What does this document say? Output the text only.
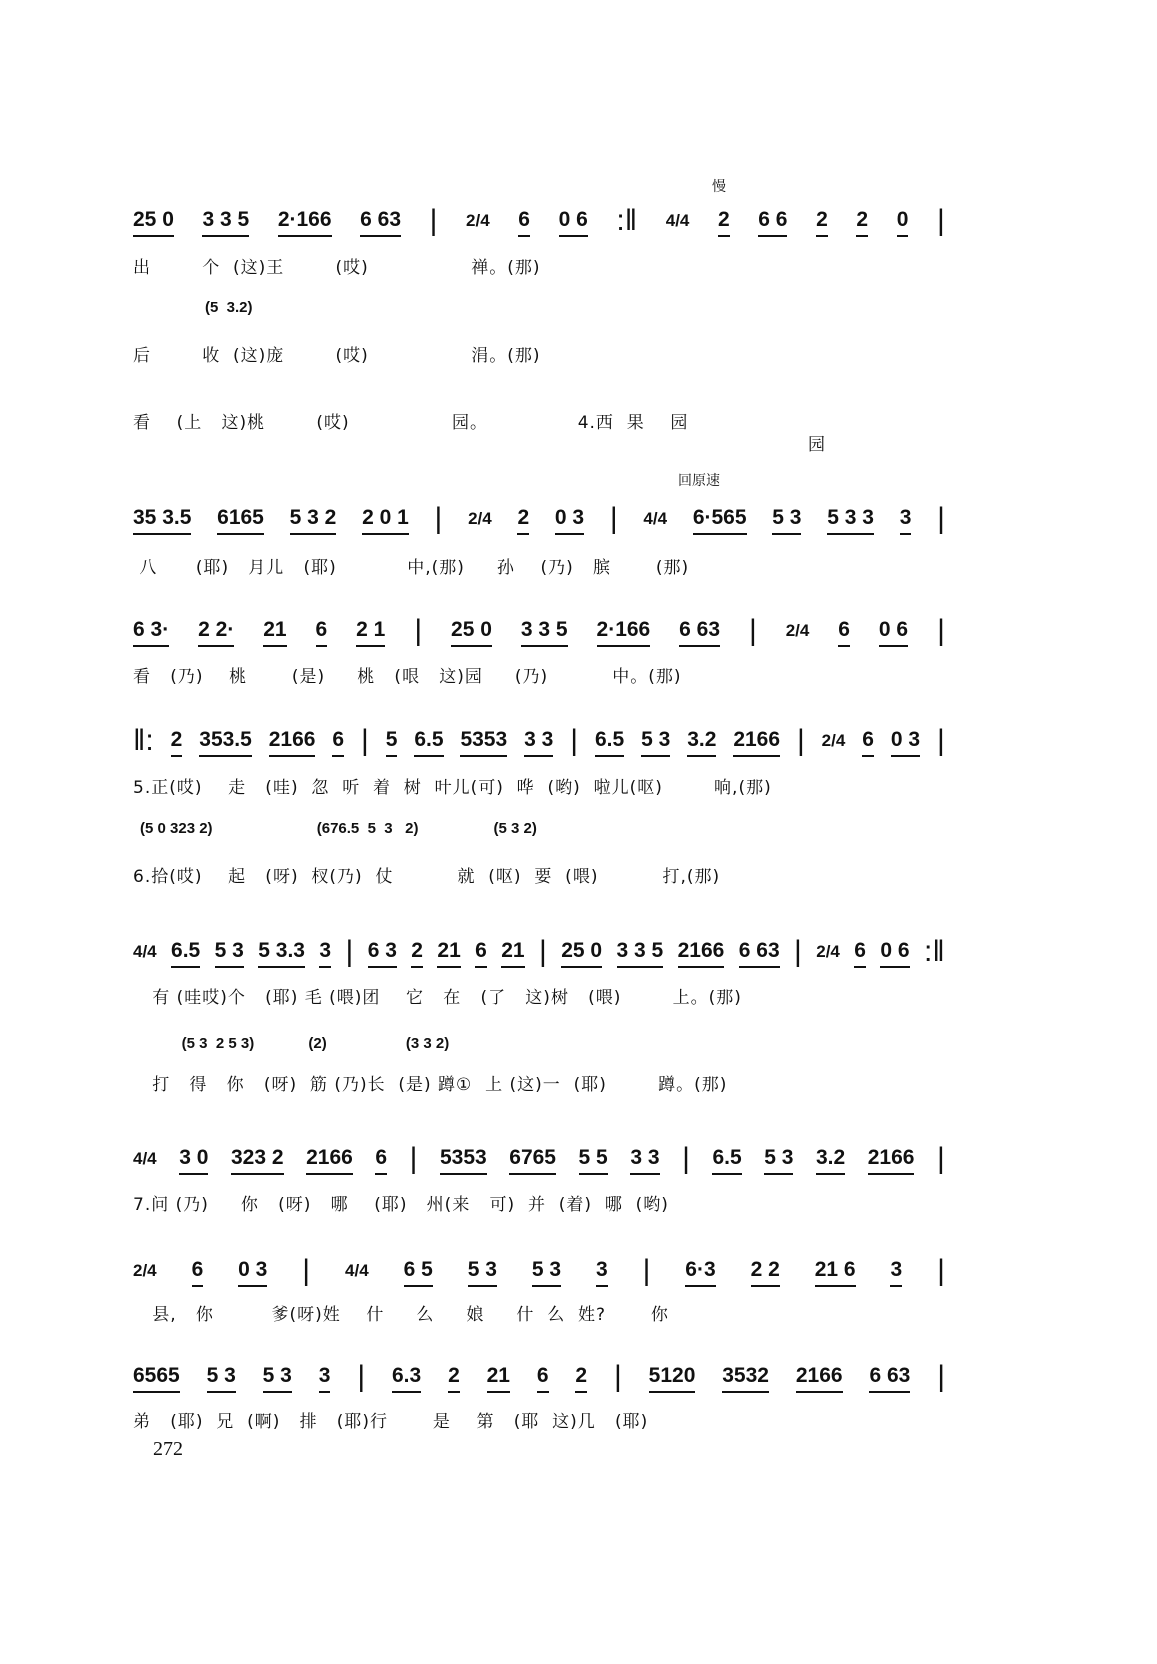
慢
回原速
272
25 0 3 3 5 2·166 6 63 | 2/4 6 0 6 :‖ 4/4 2 6 6 2 2 0 |
出        个  (这)王        (哎)                禅。(那)
(5  3.2)
后        收  (这)庞        (哎)                涓。(那)
看    (上   这)桃        (哎)                园。              4.西  果    园
园
35 3.5 6165 5 3 2 2 0 1 | 2/4 2 0 3 | 4/4 6·565 5 3 5 3 3 3 |
八      (耶)   月儿   (耶)           中,(那)     孙    (乃)   膑       (那)
6 3· 2 2· 21 6 2 1 | 25 0 3 3 5 2·166 6 63 | 2/4 6 0 6 |
看   (乃)    桃       (是)     桃   (哏   这)园     (乃)          中。(那)
‖: 2 353.5 2166 6 | 5 6.5 5353 3 3 | 6.5 5 3 3.2 2166 | 2/4 6 0 3 |
5.正(哎)    走   (哇)  忽  听  着  树  叶儿(可)  哗  (哟)  啦儿(呕)        响,(那)
(5 0 323 2)                         (676.5  5  3   2)                  (5 3 2)
6.拾(哎)    起   (呀)  杈(乃)  仗          就  (呕)  要  (喂)          打,(那)
4/4 6.5 5 3 5 3.3 3 | 6 3 2 21 6 21 | 25 0 3 3 5 2166 6 63 | 2/4 6 0 6 :‖
有 (哇哎)个   (耶) 毛 (喂)团    它   在   (了   这)树   (喂)        上。(那)
(5 3  2 5 3)             (2)                   (3 3 2)
打   得   你   (呀)  筋 (乃)长  (是) 蹲①  上 (这)一  (耶)        蹲。(那)
4/4 3 0 323 2 2166 6 | 5353 6765 5 5 3 3 | 6.5 5 3 3.2 2166 |
7.问 (乃)     你   (呀)   哪    (耶)   州(来   可)  并  (着)  哪  (哟)
2/4 6 0 3 | 4/4 6 5 5 3 5 3 3 | 6·3 2 2 21 6 3 |
县,   你         爹(呀)姓    什     么     娘     什  么  姓?       你
6565 5 3 5 3 3 | 6.3 2 21 6 2 | 5120 3532 2166 6 63 |
弟   (耶)  兄  (啊)   排   (耶)行       是    第   (耶  这)几   (耶)
